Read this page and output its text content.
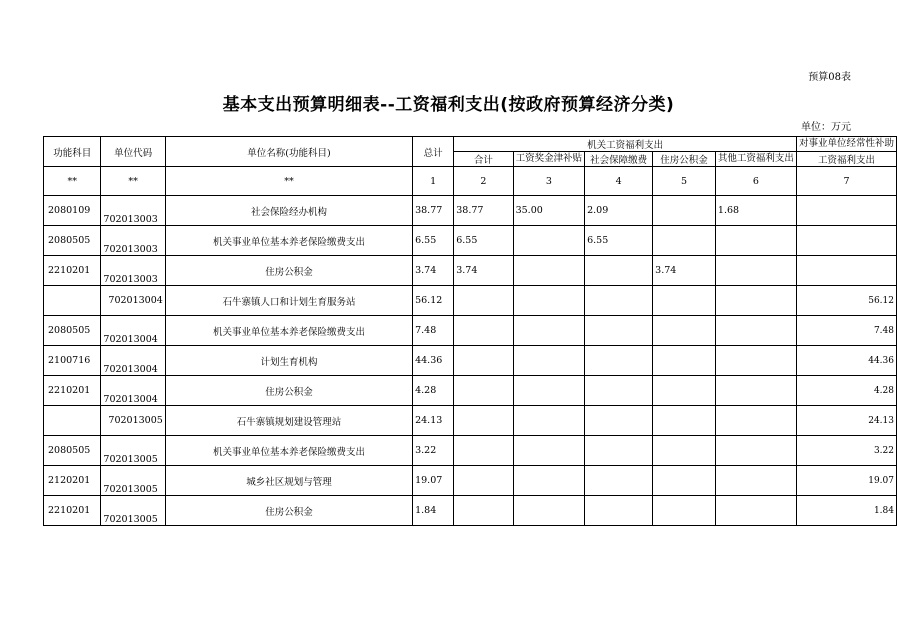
预算08表
基本支出预算明细表--工资福利支出(按政府预算经济分类)
单位：万元
功能科目	单位代码	单位名称(功能科目)	总计	机关工资福利支出					对事业单位经常性补助
				合计	工资奖金津补贴	社会保障缴费	住房公积金	其他工资福利支出	工资福利支出
**	**	**	1	2	3	4	5	6	7
2080109	702013003	社会保险经办机构	38.77	38.77	35.00	2.09		1.68	
2080505	702013003	机关事业单位基本养老保险缴费支出	6.55	6.55		6.55			
2210201	702013003	住房公积金	3.74	3.74			3.74		
	702013004	石牛寨镇人口和计划生育服务站	56.12						56.12
2080505	702013004	机关事业单位基本养老保险缴费支出	7.48						7.48
2100716	702013004	计划生育机构	44.36						44.36
2210201	702013004	住房公积金	4.28						4.28
	702013005	石牛寨镇规划建设管理站	24.13						24.13
2080505	702013005	机关事业单位基本养老保险缴费支出	3.22						3.22
2120201	702013005	城乡社区规划与管理	19.07						19.07
2210201	702013005	住房公积金	1.84						1.84
